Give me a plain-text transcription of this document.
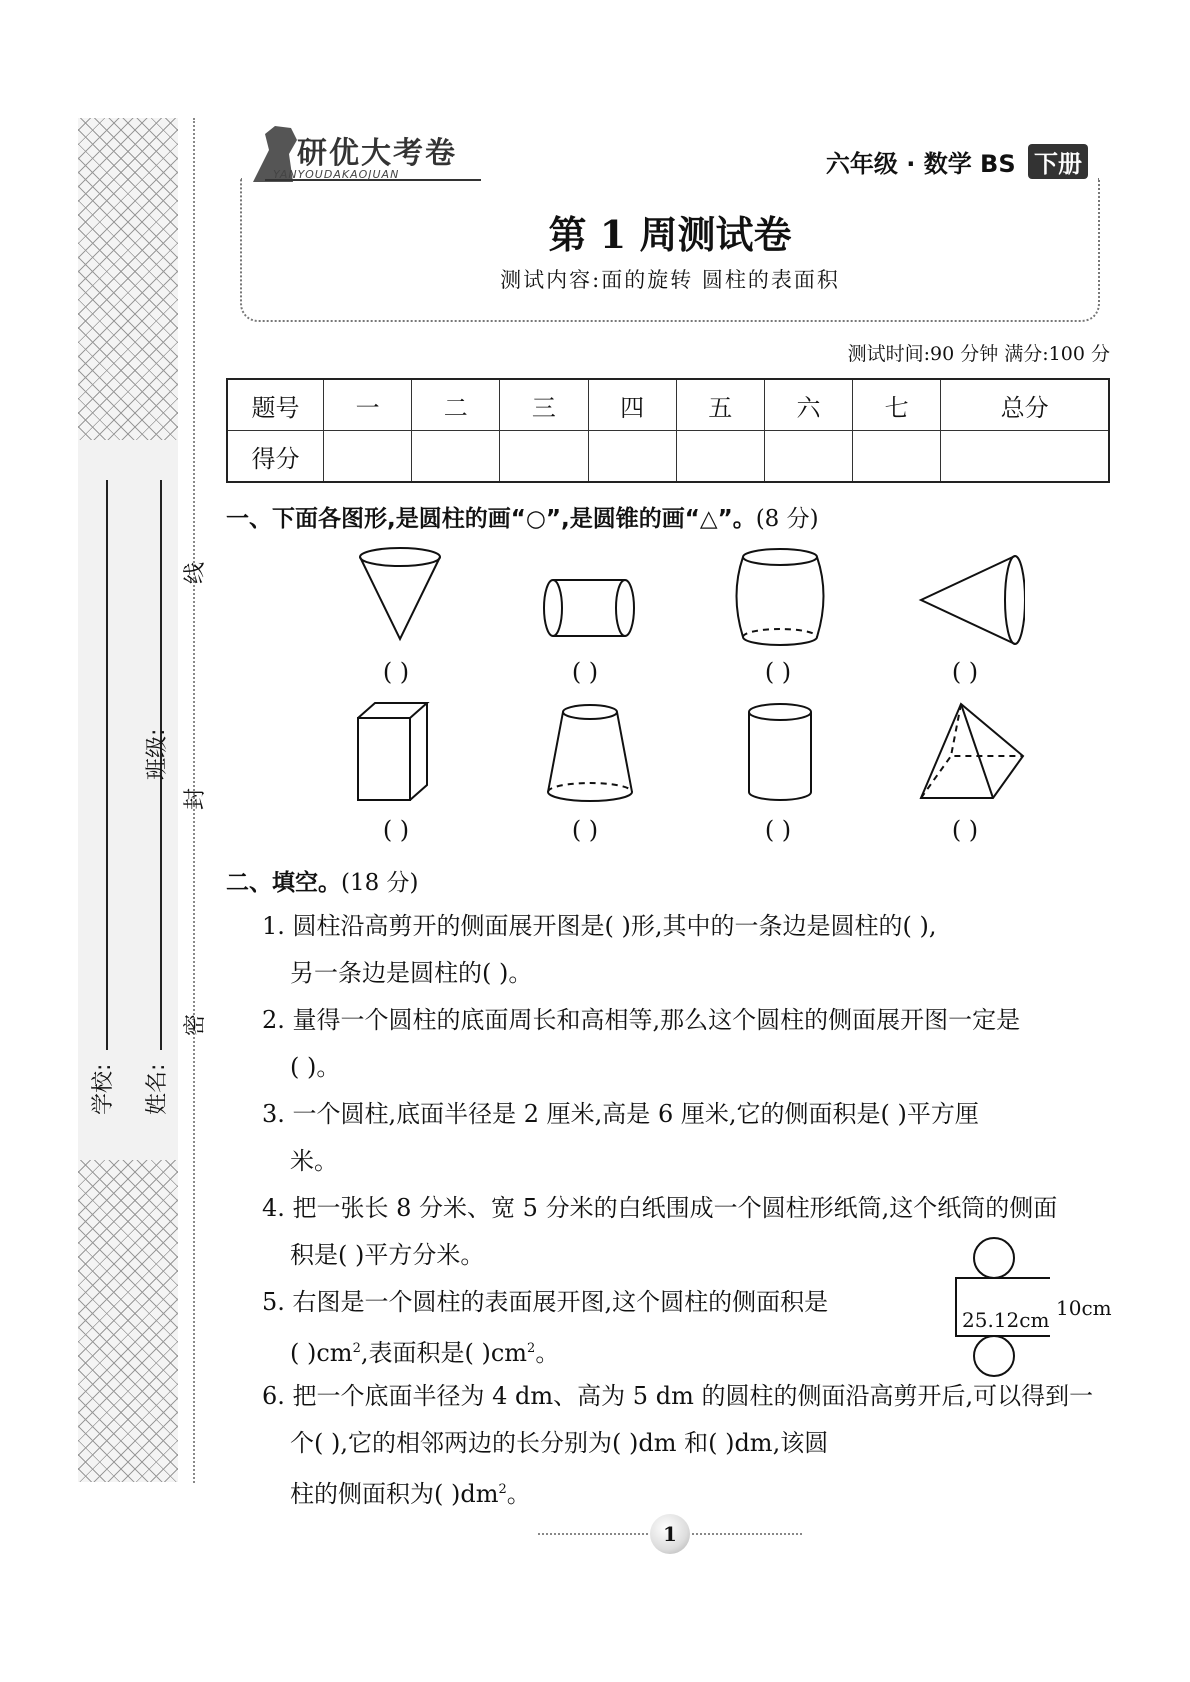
学校: 姓名:
班级:
线
封
密
研优大考卷
YANYOUDAKAOJUAN	六年级 · 数学 BS 下册
第 1 周测试卷
测试内容:面的旋转 圆柱的表面积
测试时间:90 分钟 满分:100 分
题号	一	二	三	四	五	六	七	总分
得分								
一、下面各图形,是圆柱的画“○”,是圆锥的画“△”。(8 分)
( )	( )	( )	( )
( )	( )	( )	( )
二、填空。(18 分)
1. 圆柱沿高剪开的侧面展开图是( )形,其中的一条边是圆柱的( ),
另一条边是圆柱的( )。
2. 量得一个圆柱的底面周长和高相等,那么这个圆柱的侧面展开图一定是
( )。
3. 一个圆柱,底面半径是 2 厘米,高是 6 厘米,它的侧面积是( )平方厘
米。
4. 把一张长 8 分米、宽 5 分米的白纸围成一个圆柱形纸筒,这个纸筒的侧面
积是( )平方分米。
5. 右图是一个圆柱的表面展开图,这个圆柱的侧面积是
( )$cm^2$,表面积是( )$cm^2$。
25.12cm 10cm
6. 把一个底面半径为 4 dm、高为 5 dm 的圆柱的侧面沿高剪开后,可以得到一
个( ),它的相邻两边的长分别为( )dm 和( )dm,该圆
柱的侧面积为( )$dm^2$。
1
